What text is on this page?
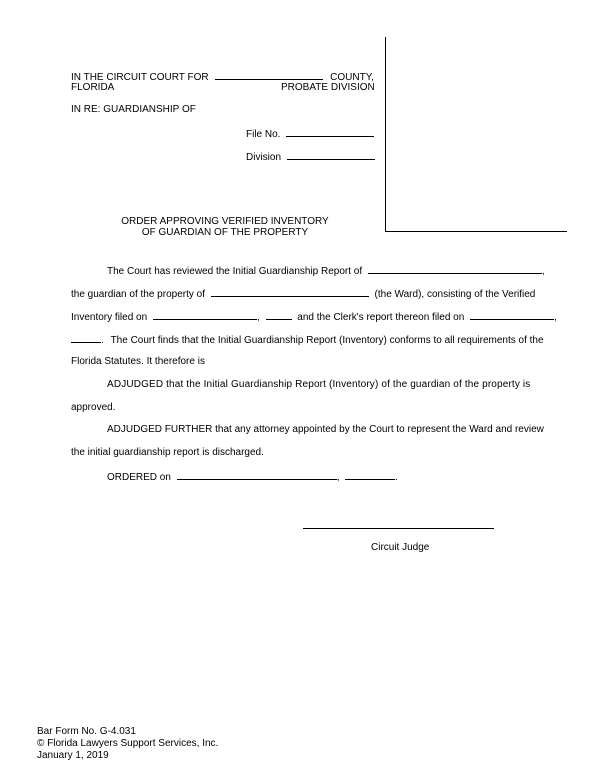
IN THE CIRCUIT COURT FOR	COUNTY,
FLORIDA	PROBATE DIVISION
IN RE: GUARDIANSHIP OF
File No.
Division
ORDER APPROVING VERIFIED INVENTORY
OF GUARDIAN OF THE PROPERTY
The Court has reviewed the Initial Guardianship Report of	,
the guardian of the property of	(the Ward), consisting of the Verified
Inventory filed on	,	and the Clerk's report thereon filed on	,
. The Court finds that the Initial Guardianship Report (Inventory) conforms to all requirements of the
Florida Statutes. It therefore is
ADJUDGED that the Initial Guardianship Report (Inventory) of the guardian of the property is
approved.
ADJUDGED FURTHER that any attorney appointed by the Court to represent the Ward and review
the initial guardianship report is discharged.
ORDERED on	,	.
Circuit Judge
Bar Form No. G-4.031
© Florida Lawyers Support Services, Inc.
January 1, 2019
